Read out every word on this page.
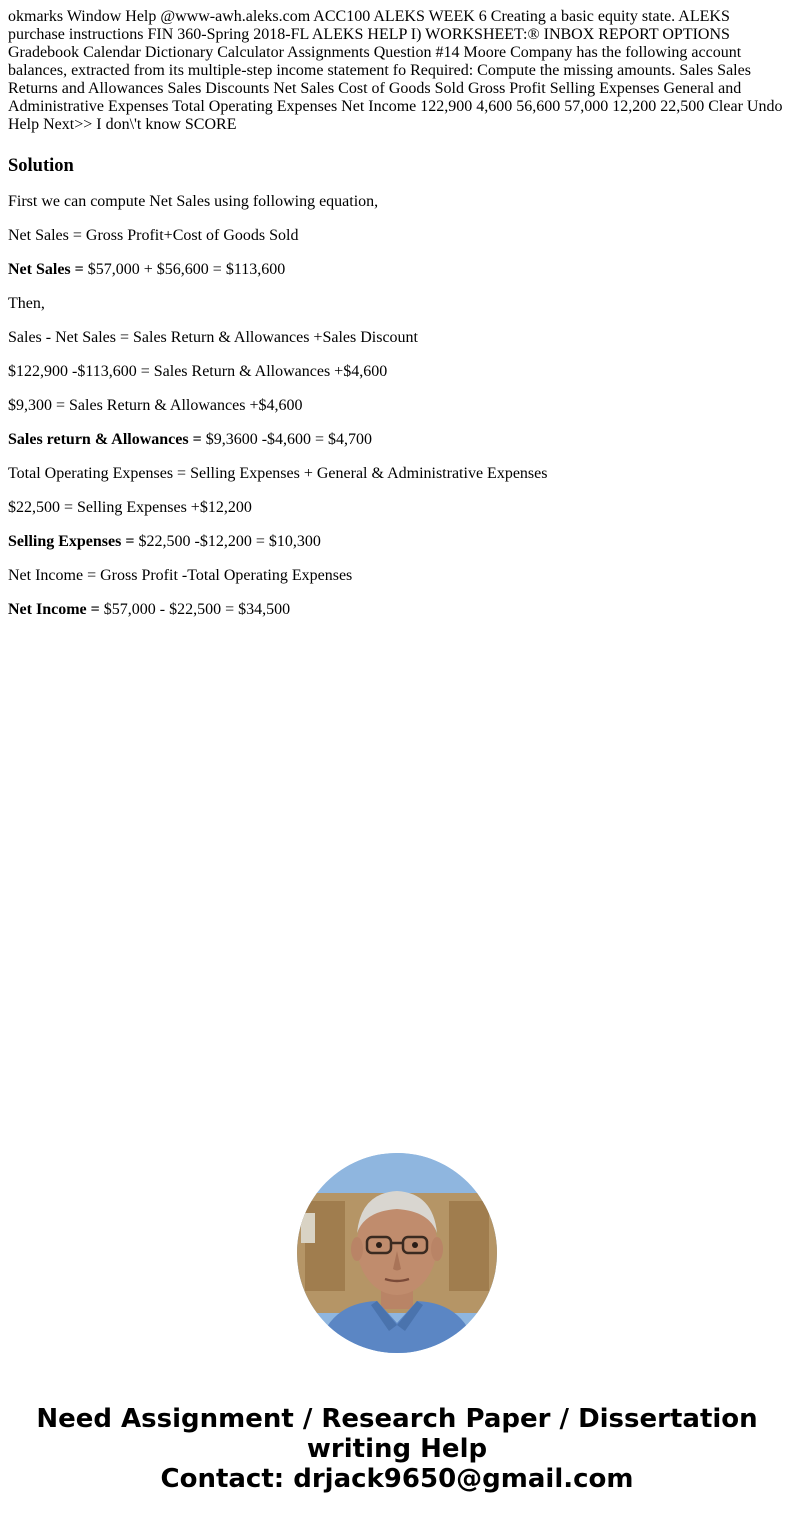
okmarks Window Help @www-awh.aleks.com ACC100 ALEKS WEEK 6 Creating a basic equity state. ALEKS purchase instructions FIN 360-Spring 2018-FL ALEKS HELP I) WORKSHEET:® INBOX REPORT OPTIONS Gradebook Calendar Dictionary Calculator Assignments Question #14 Moore Company has the following account balances, extracted from its multiple-step income statement fo Required: Compute the missing amounts. Sales Sales Returns and Allowances Sales Discounts Net Sales Cost of Goods Sold Gross Profit Selling Expenses General and Administrative Expenses Total Operating Expenses Net Income 122,900 4,600 56,600 57,000 12,200 22,500 Clear Undo Help Next>> I don\'t know SCORE
Solution

First we can compute Net Sales using following equation,

Net Sales = Gross Profit+Cost of Goods Sold

Net Sales = $57,000 + $56,600 = $113,600

Then,

Sales - Net Sales = Sales Return & Allowances +Sales Discount

$122,900 -$113,600 = Sales Return & Allowances +$4,600

$9,300 = Sales Return & Allowances +$4,600

Sales return & Allowances = $9,3600 -$4,600 = $4,700

Total Operating Expenses = Selling Expenses + General & Administrative Expenses

$22,500 = Selling Expenses +$12,200

Selling Expenses = $22,500 -$12,200 = $10,300

Net Income = Gross Profit -Total Operating Expenses

Net Income = $57,000 - $22,500 = $34,500

Need Assignment / Research Paper / Dissertation
writing Help
Contact: drjack9650@gmail.com
